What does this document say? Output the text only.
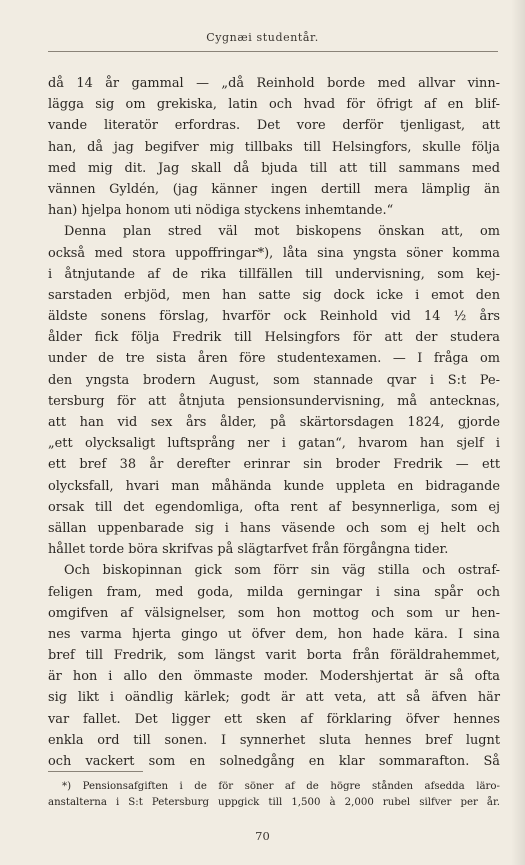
Cygnæi studentår.
då 14 år gammal — „då Reinhold borde med allvar vinn-
lägga sig om grekiska, latin och hvad för öfrigt af en blif-
vande literatör erfordras. Det vore derför tjenligast, att
han, då jag begifver mig tillbaks till Helsingfors, skulle följa
med mig dit. Jag skall då bjuda till att till sammans med
vännen Gyldén, (jag känner ingen dertill mera lämplig än
han) hjelpa honom uti nödiga styckens inhemtande.“
Denna plan stred väl mot biskopens önskan att, om
också med stora uppoffringar*), låta sina yngsta söner komma
i åtnjutande af de rika tillfällen till undervisning, som kej-
sarstaden erbjöd, men han satte sig dock icke i emot den
äldste sonens förslag, hvarför ock Reinhold vid 14 ½ års
ålder fick följa Fredrik till Helsingfors för att der studera
under de tre sista åren före studentexamen. — I fråga om
den yngsta brodern August, som stannade qvar i S:t Pe-
tersburg för att åtnjuta pensionsundervisning, må antecknas,
att han vid sex års ålder, på skärtorsdagen 1824, gjorde
„ett olycksaligt luftsprång ner i gatan“, hvarom han sjelf i
ett bref 38 år derefter erinrar sin broder Fredrik — ett
olycksfall, hvari man måhända kunde uppleta en bidragande
orsak till det egendomliga, ofta rent af besynnerliga, som ej
sällan uppenbarade sig i hans väsende och som ej helt och
hållet torde böra skrifvas på slägtarfvet från förgångna tider.
Och biskopinnan gick som förr sin väg stilla och ostraf-
feligen fram, med goda, milda gerningar i sina spår och
omgifven af välsignelser, som hon mottog och som ur hen-
nes varma hjerta gingo ut öfver dem, hon hade kära. I sina
bref till Fredrik, som längst varit borta från föräldrahemmet,
är hon i allo den ömmaste moder. Modershjertat är så ofta
sig likt i oändlig kärlek; godt är att veta, att så äfven här
var fallet. Det ligger ett sken af förklaring öfver hennes
enkla ord till sonen. I synnerhet sluta hennes bref lugnt
och vackert som en solnedgång en klar sommarafton. Så
*) Pensionsafgiften i de för söner af de högre stånden afsedda läro-
anstalterna i S:t Petersburg uppgick till 1,500 à 2,000 rubel silfver per år.
70
